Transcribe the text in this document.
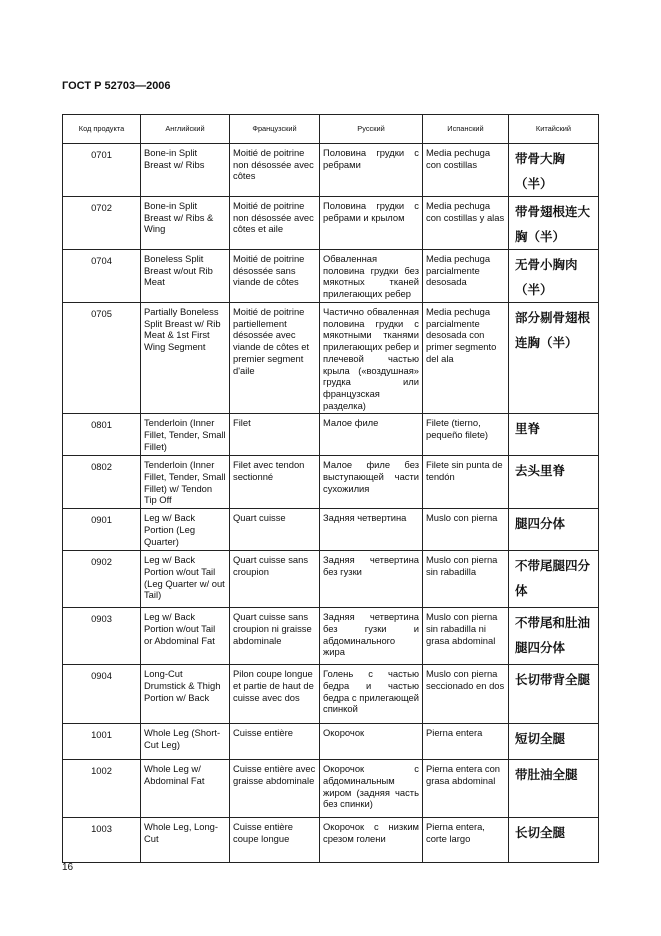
ГОСТ Р 52703—2006
Код продукта	Английский	Французский	Русский	Испанский	Китайский
0701	Bone-in Split Breast w/ Ribs	Moitié de poitrine non désossée avec côtes	Половина грудки с ребрами	Media pechuga con costillas	带骨大胸（半）
0702	Bone-in Split Breast w/ Ribs & Wing	Moitié de poitrine non désossée avec côtes et aile	Половина грудки с ребрами и крылом	Media pechuga con costillas y alas	带骨翅根连大胸（半）
0704	Boneless Split Breast w/out Rib Meat	Moitié de poitrine désossée sans viande de côtes	Обваленная половина грудки без мякотных тканей прилегающих ребер	Media pechuga parcialmente desosada	无骨小胸肉（半）
0705	Partially Boneless Split Breast w/ Rib Meat & 1st First Wing Segment	Moitié de poitrine partiellement désossée avec viande de côtes et premier segment d'aile	Частично обваленная половина грудки с мякотными тканями прилегающих ребер и плечевой частью крыла («воздушная» грудка или французская разделка)	Media pechuga parcialmente desosada con primer segmento del ala	部分剔骨翅根连胸（半）
0801	Tenderloin (Inner Fillet, Tender, Small Fillet)	Filet	Малое филе	Filete (tierno, pequeño filete)	里脊
0802	Tenderloin (Inner Fillet, Tender, Small Fillet) w/ Tendon Tip Off	Filet avec tendon sectionné	Малое филе без выступающей части сухожилия	Filete sin punta de tendón	去头里脊
0901	Leg w/ Back Portion (Leg Quarter)	Quart cuisse	Задняя четвертина	Muslo con pierna	腿四分体
0902	Leg w/ Back Portion w/out Tail (Leg Quarter w/ out Tail)	Quart cuisse sans croupion	Задняя четвертина без гузки	Muslo con pierna sin rabadilla	不带尾腿四分体
0903	Leg w/ Back Portion w/out Tail or Abdominal Fat	Quart cuisse sans croupion ni graisse abdominale	Задняя четвертина без гузки и абдоминального жира	Muslo con pierna sin rabadilla ni grasa abdominal	不带尾和肚油腿四分体
0904	Long-Cut Drumstick & Thigh Portion w/ Back	Pilon coupe longue et partie de haut de cuisse avec dos	Голень с частью бедра и частью бедра с прилегающей спинкой	Muslo con pierna seccionado en dos	长切带背全腿
1001	Whole Leg (Short-Cut Leg)	Cuisse entière	Окорочок	Pierna entera	短切全腿
1002	Whole Leg w/ Abdominal Fat	Cuisse entière avec graisse abdominale	Окорочок с абдоминальным жиром (задняя часть без спинки)	Pierna entera con grasa abdominal	带肚油全腿
1003	Whole Leg, Long-Cut	Cuisse entière coupe longue	Окорочок с низким срезом голени	Pierna entera, corte largo	长切全腿
16
